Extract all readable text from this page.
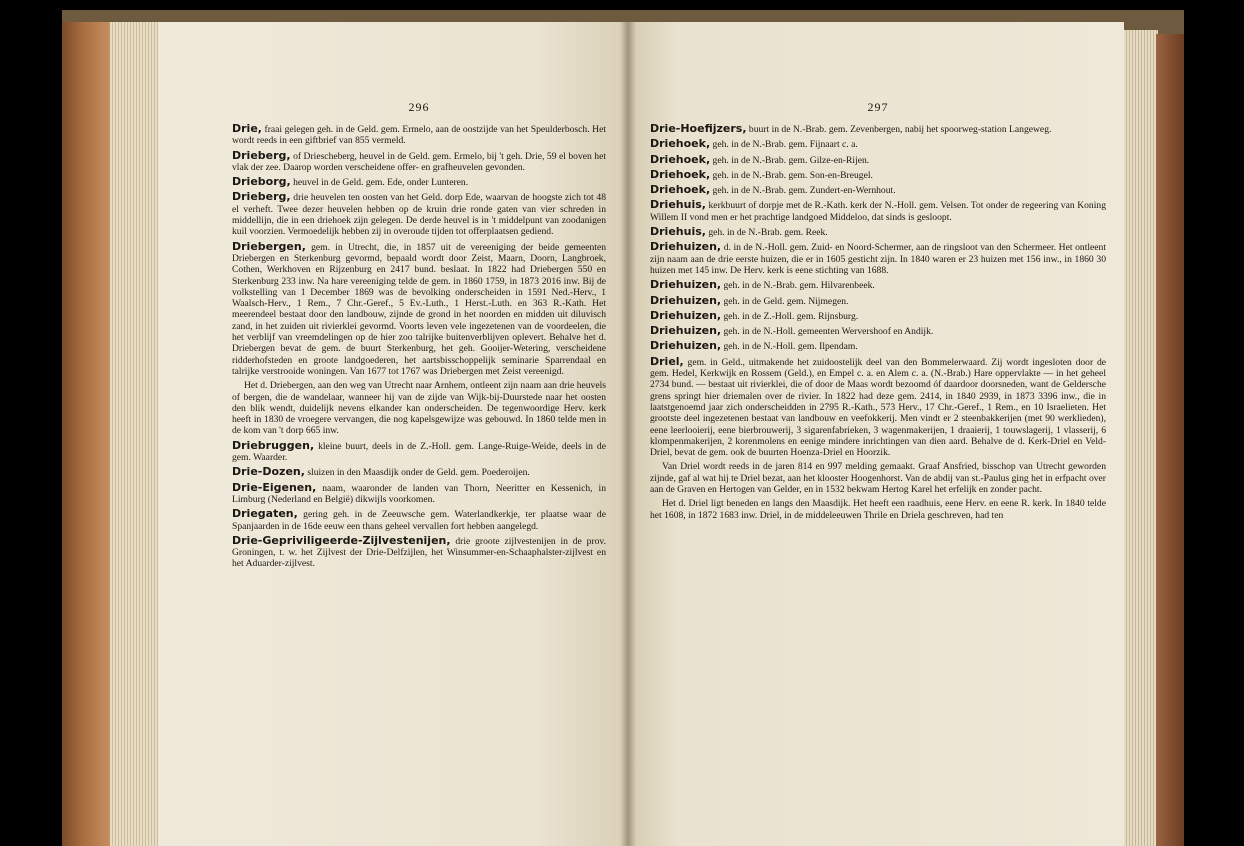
296

Drie, fraai gelegen geh. in de Geld. gem. Ermelo, aan de oostzijde van het Speulderbosch. Het wordt reeds in een giftbrief van 855 vermeld.

Drieberg, of Driescheberg, heuvel in de Geld. gem. Ermelo, bij 't geh. Drie, 59 el boven het vlak der zee. Daarop worden verscheidene offer- en grafheuvelen gevonden.

Drieborg, heuvel in de Geld. gem. Ede, onder Lunteren.

Drieberg, drie heuvelen ten oosten van het Geld. dorp Ede, waarvan de hoogste zich tot 48 el verheft. Twee dezer heuvelen hebben op de kruin drie ronde gaten van vier schreden in middellijn, die in een driehoek zijn gelegen. De derde heuvel is in 't middelpunt van zoodanigen kuil voorzien. Vermoedelijk hebben zij in overoude tijden tot offerplaatsen gediend.

Driebergen, gem. in Utrecht, die, in 1857 uit de vereeniging der beide gemeenten Driebergen en Sterkenburg gevormd, bepaald wordt door Zeist, Maarn, Doorn, Langbroek, Cothen, Werkhoven en Rijzenburg en 2417 bund. beslaat. In 1822 had Driebergen 550 en Sterkenburg 233 inw. Na hare vereeniging telde de gem. in 1860 1759, in 1873 2016 inw. Bij de volkstelling van 1 December 1869 was de bevolking onderscheiden in 1591 Ned.-Herv., 1 Waalsch-Herv., 1 Rem., 7 Chr.-Geref., 5 Ev.-Luth., 1 Herst.-Luth. en 363 R.-Kath. Het meerendeel bestaat door den landbouw, zijnde de grond in het noorden en midden uit diluvisch zand, in het zuiden uit rivierklei gevormd. Voorts leven vele ingezetenen van de voordeelen, die het verblijf van vreemdelingen op de hier zoo talrijke buitenverblijven oplevert. Behalve het d. Driebergen bevat de gem. de buurt Sterkenburg, het geh. Gooijer-Wetering, verscheidene ridderhofsteden en groote landgoederen, het aartsbisschoppelijk seminarie Sparrendaal en talrijke verstrooide woningen. Van 1677 tot 1767 was Driebergen met Zeist vereenigd.

Het d. Driebergen, aan den weg van Utrecht naar Arnhem, ontleent zijn naam aan drie heuvels of bergen, die de wandelaar, wanneer hij van de zijde van Wijk-bij-Duurstede naar het oosten den blik wendt, duidelijk nevens elkander kan onderscheiden. De tegenwoordige Herv. kerk heeft in 1830 de vroegere vervangen, die nog kapelsgewijze was gebouwd. In 1860 telde men in de kom van 't dorp 665 inw.

Driebruggen, kleine buurt, deels in de Z.-Holl. gem. Lange-Ruige-Weide, deels in de gem. Waarder.

Drie-Dozen, sluizen in den Maasdijk onder de Geld. gem. Poederoijen.

Drie-Eigenen, naam, waaronder de landen van Thorn, Neeritter en Kessenich, in Limburg (Nederland en België) dikwijls voorkomen.

Driegaten, gering geh. in de Zeeuwsche gem. Waterlandkerkje, ter plaatse waar de Spanjaarden in de 16de eeuw een thans geheel vervallen fort hebben aangelegd.

Drie-Gepriviligeerde-Zijlvestenijen, drie groote zijlvestenijen in de prov. Groningen, t. w. het Zijlvest der Drie-Delfzijlen, het Winsummer-en-Schaaphalster-zijlvest en het Aduarder-zijlvest.

297

Drie-Hoefijzers, buurt in de N.-Brab. gem. Zevenbergen, nabij het spoorweg-station Langeweg.

Driehoek, geh. in de N.-Brab. gem. Fijnaart c. a.

Driehoek, geh. in de N.-Brab. gem. Gilze-en-Rijen.

Driehoek, geh. in de N.-Brab. gem. Son-en-Breugel.

Driehoek, geh. in de N.-Brab. gem. Zundert-en-Wernhout.

Driehuis, kerkbuurt of dorpje met de R.-Kath. kerk der N.-Holl. gem. Velsen. Tot onder de regeering van Koning Willem II vond men er het prachtige landgoed Middeloo, dat sinds is gesloopt.

Driehuis, geh. in de N.-Brab. gem. Reek.

Driehuizen, d. in de N.-Holl. gem. Zuid- en Noord-Schermer, aan de ringsloot van den Schermeer. Het ontleent zijn naam aan de drie eerste huizen, die er in 1605 gesticht zijn. In 1840 waren er 23 huizen met 156 inw., in 1860 30 huizen met 145 inw. De Herv. kerk is eene stichting van 1688.

Driehuizen, geh. in de N.-Brab. gem. Hilvarenbeek.

Driehuizen, geh. in de Geld. gem. Nijmegen.

Driehuizen, geh. in de Z.-Holl. gem. Rijnsburg.

Driehuizen, geh. in de N.-Holl. gemeenten Wervershoof en Andijk.

Driehuizen, geh. in de N.-Holl. gem. Ilpendam.

Driel, gem. in Geld., uitmakende het zuidoostelijk deel van den Bommelerwaard. Zij wordt ingesloten door de gem. Hedel, Kerkwijk en Rossem (Geld.), en Empel c. a. en Alem c. a. (N.-Brab.) Hare oppervlakte — in het geheel 2734 bund. — bestaat uit rivierklei, die of door de Maas wordt bezoomd óf daardoor doorsneden, want de Geldersche grens springt hier driemalen over de rivier. In 1822 had deze gem. 2414, in 1840 2939, in 1873 3396 inw., die in laatstgenoemd jaar zich onderscheidden in 2795 R.-Kath., 573 Herv., 17 Chr.-Geref., 1 Rem., en 10 Israelieten. Het grootste deel ingezetenen bestaat van landbouw en veefokkerij. Men vindt er 2 steenbakkerijen (met 90 werklieden), eene leerlooierij, eene bierbrouwerij, 3 sigarenfabrieken, 3 wagenmakerijen, 1 draaierij, 1 touwslagerij, 1 vlasserij, 6 klompenmakerijen, 2 korenmolens en eenige mindere inrichtingen van dien aard. Behalve de d. Kerk-Driel en Veld-Driel, bevat de gem. ook de buurten Hoenza-Driel en Hoorzik.

Van Driel wordt reeds in de jaren 814 en 997 melding gemaakt. Graaf Ansfried, bisschop van Utrecht geworden zijnde, gaf al wat hij te Driel bezat, aan het klooster Hoogenhorst. Van de abdij van st.-Paulus ging het in erfpacht over aan de Graven en Hertogen van Gelder, en in 1532 bekwam Hertog Karel het erfelijk en zonder pacht.

Het d. Driel ligt beneden en langs den Maasdijk. Het heeft een raadhuis, eene Herv. en eene R. kerk. In 1840 telde het 1608, in 1872 1683 inw. Driel, in de middeleeuwen Thrile en Driela geschreven, had ten
